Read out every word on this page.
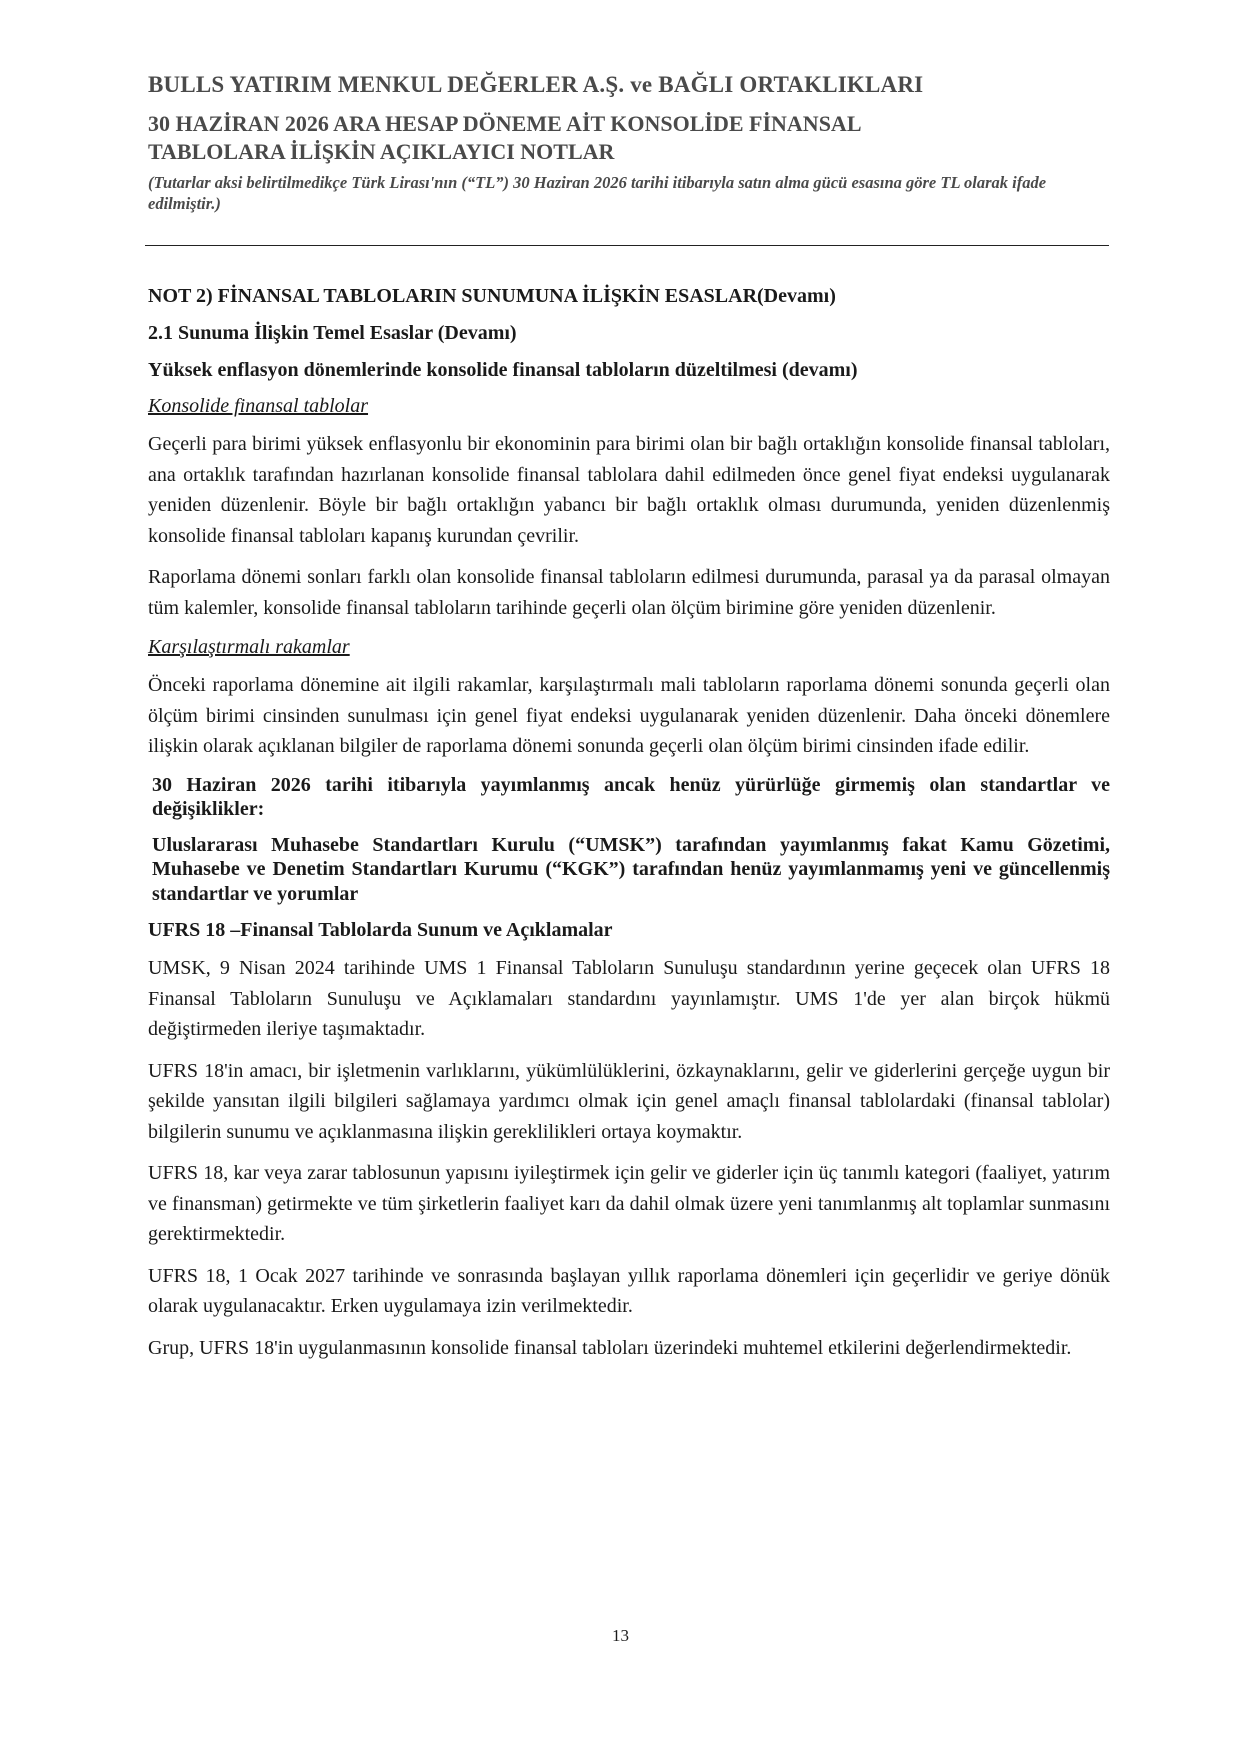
BULLS YATIRIM MENKUL DEĞERLER A.Ş. ve BAĞLI ORTAKLIKLARI
30 HAZİRAN 2026 ARA HESAP DÖNEME AİT KONSOLİDE FİNANSAL
TABLOLARA İLİŞKİN AÇIKLAYICI NOTLAR
(Tutarlar aksi belirtilmedikçe Türk Lirası'nın (“TL”) 30 Haziran 2026 tarihi itibarıyla satın alma gücü esasına göre TL olarak ifade edilmiştir.)
NOT 2) FİNANSAL TABLOLARIN SUNUMUNA İLİŞKİN ESASLAR(Devamı)
2.1 Sunuma İlişkin Temel Esaslar (Devamı)
Yüksek enflasyon dönemlerinde konsolide finansal tabloların düzeltilmesi (devamı)
Konsolide finansal tablolar

Geçerli para birimi yüksek enflasyonlu bir ekonominin para birimi olan bir bağlı ortaklığın konsolide finansal tabloları, ana ortaklık tarafından hazırlanan konsolide finansal tablolara dahil edilmeden önce genel fiyat endeksi uygulanarak yeniden düzenlenir. Böyle bir bağlı ortaklığın yabancı bir bağlı ortaklık olması durumunda, yeniden düzenlenmiş konsolide finansal tabloları kapanış kurundan çevrilir.

Raporlama dönemi sonları farklı olan konsolide finansal tabloların edilmesi durumunda, parasal ya da parasal olmayan tüm kalemler, konsolide finansal tabloların tarihinde geçerli olan ölçüm birimine göre yeniden düzenlenir.

Karşılaştırmalı rakamlar

Önceki raporlama dönemine ait ilgili rakamlar, karşılaştırmalı mali tabloların raporlama dönemi sonunda geçerli olan ölçüm birimi cinsinden sunulması için genel fiyat endeksi uygulanarak yeniden düzenlenir. Daha önceki dönemlere ilişkin olarak açıklanan bilgiler de raporlama dönemi sonunda geçerli olan ölçüm birimi cinsinden ifade edilir.

30 Haziran 2026 tarihi itibarıyla yayımlanmış ancak henüz yürürlüğe girmemiş olan standartlar ve değişiklikler:
Uluslararası Muhasebe Standartları Kurulu (“UMSK”) tarafından yayımlanmış fakat Kamu Gözetimi, Muhasebe ve Denetim Standartları Kurumu (“KGK”) tarafından henüz yayımlanmamış yeni ve güncellenmiş standartlar ve yorumlar
UFRS 18 –Finansal Tablolarda Sunum ve Açıklamalar

UMSK, 9 Nisan 2024 tarihinde UMS 1 Finansal Tabloların Sunuluşu standardının yerine geçecek olan UFRS 18 Finansal Tabloların Sunuluşu ve Açıklamaları standardını yayınlamıştır. UMS 1'de yer alan birçok hükmü değiştirmeden ileriye taşımaktadır.

UFRS 18'in amacı, bir işletmenin varlıklarını, yükümlülüklerini, özkaynaklarını, gelir ve giderlerini gerçeğe uygun bir şekilde yansıtan ilgili bilgileri sağlamaya yardımcı olmak için genel amaçlı finansal tablolardaki (finansal tablolar) bilgilerin sunumu ve açıklanmasına ilişkin gereklilikleri ortaya koymaktır.

UFRS 18, kar veya zarar tablosunun yapısını iyileştirmek için gelir ve giderler için üç tanımlı kategori (faaliyet, yatırım ve finansman) getirmekte ve tüm şirketlerin faaliyet karı da dahil olmak üzere yeni tanımlanmış alt toplamlar sunmasını gerektirmektedir.

UFRS 18, 1 Ocak 2027 tarihinde ve sonrasında başlayan yıllık raporlama dönemleri için geçerlidir ve geriye dönük olarak uygulanacaktır. Erken uygulamaya izin verilmektedir.

Grup, UFRS 18'in uygulanmasının konsolide finansal tabloları üzerindeki muhtemel etkilerini değerlendirmektedir.

13
